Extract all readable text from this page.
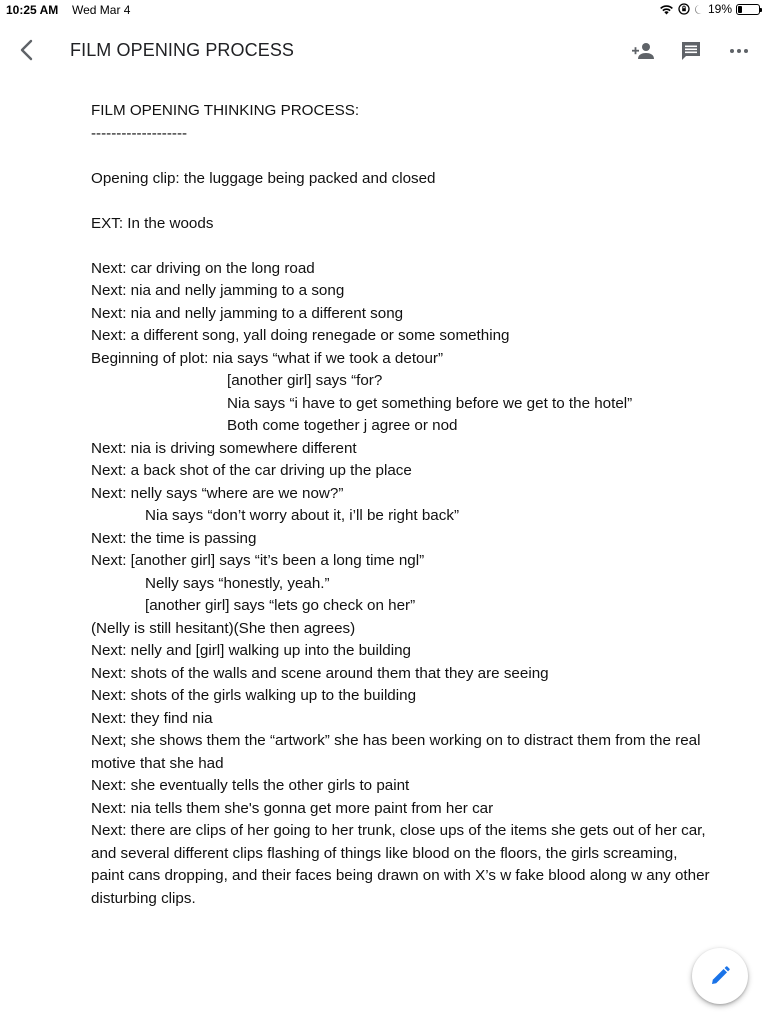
10:25 AM Wed Mar 4	19%
FILM OPENING PROCESS
FILM OPENING THINKING PROCESS:
-------------------
Opening clip: the luggage being packed and closed
EXT: In the woods
Next: car driving on the long road
Next: nia and nelly jamming to a song
Next: nia and nelly jamming to a different song
Next: a different song, yall doing renegade or some something
Beginning of plot: nia says “what if we took a detour”
[another girl] says “for?
Nia says “i have to get something before we get to the hotel”
Both come together j agree or nod
Next: nia is driving somewhere different
Next: a back shot of the car driving up the place
Next: nelly says “where are we now?”
Nia says “don’t worry about it, i’ll be right back”
Next: the time is passing
Next: [another girl] says “it’s been a long time ngl”
Nelly says “honestly, yeah.”
[another girl] says “lets go check on her”
(Nelly is still hesitant)(She then agrees)
Next: nelly and [girl] walking up into the building
Next: shots of the walls and scene around them that they are seeing
Next: shots of the girls walking up to the building
Next: they find nia
Next; she shows them the “artwork” she has been working on to distract them from the real motive that she had
Next: she eventually tells the other girls to paint
Next: nia tells them she's gonna get more paint from her car
Next: there are clips of her going to her trunk, close ups of the items she gets out of her car, and several different clips flashing of things like blood on the floors, the girls screaming, paint cans dropping, and their faces being drawn on with X’s w fake blood along w any other disturbing clips.
